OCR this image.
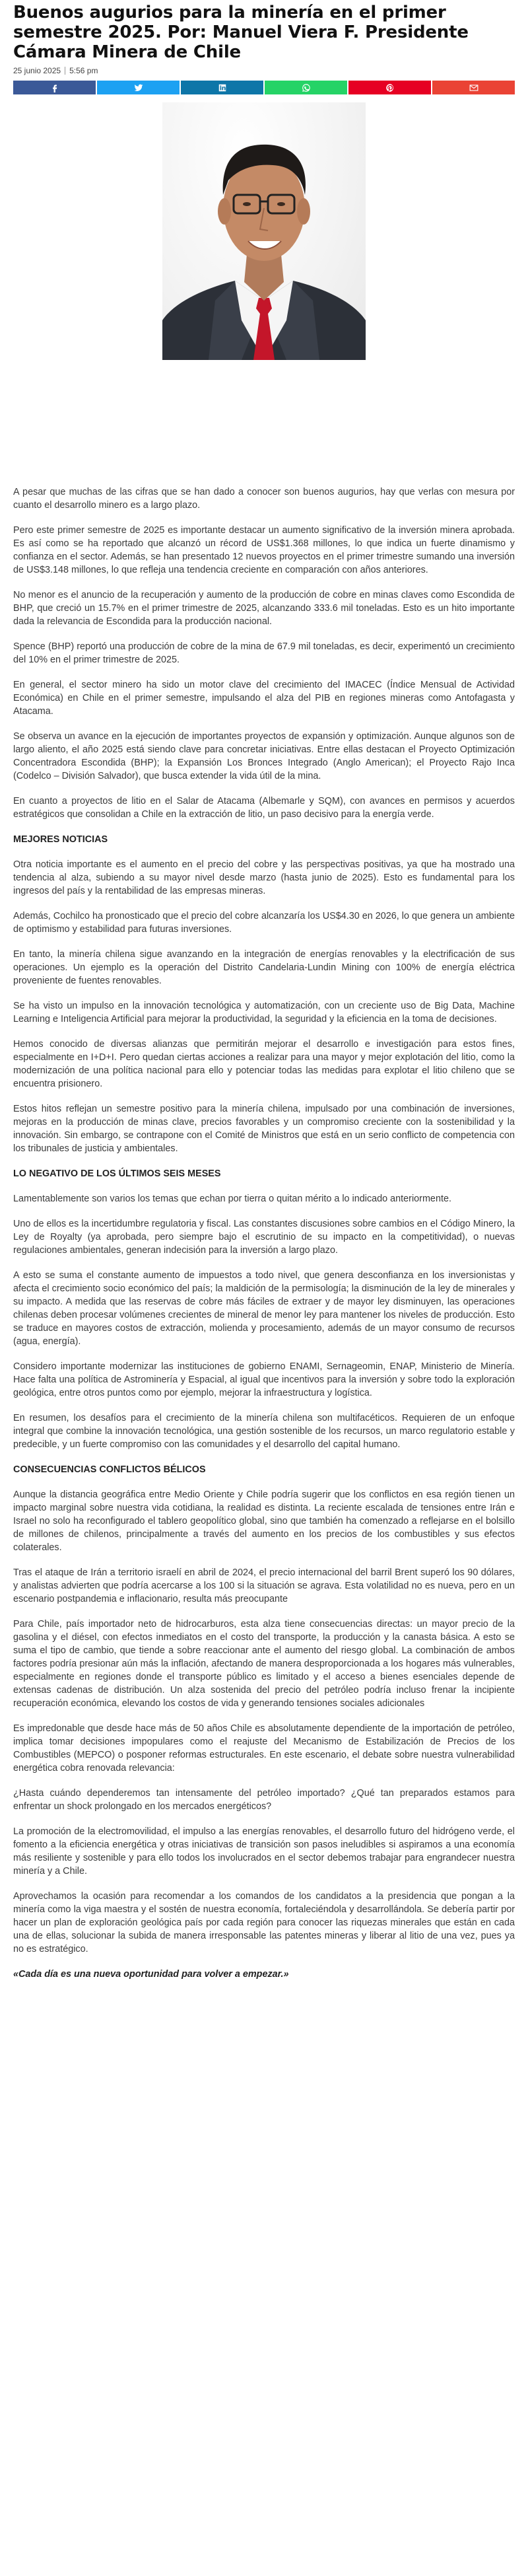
Buenos augurios para la minería en el primer semestre 2025. Por: Manuel Viera F. Presidente Cámara Minera de Chile
25 junio 2025 5:56 pm

A pesar que muchas de las cifras que se han dado a conocer son buenos augurios, hay que verlas con mesura por cuanto el desarrollo minero es a largo plazo.

Pero este primer semestre de 2025 es importante destacar un aumento significativo de la inversión minera aprobada. Es así como se ha reportado que alcanzó un récord de US$1.368 millones, lo que indica un fuerte dinamismo y confianza en el sector. Además, se han presentado 12 nuevos proyectos en el primer trimestre sumando una inversión de US$3.148 millones, lo que refleja una tendencia creciente en comparación con años anteriores.

No menor es el anuncio de la recuperación y aumento de la producción de cobre en minas claves como Escondida de BHP, que creció un 15.7% en el primer trimestre de 2025, alcanzando 333.6 mil toneladas. Esto es un hito importante dada la relevancia de Escondida para la producción nacional.

Spence (BHP) reportó una producción de cobre de la mina de 67.9 mil toneladas, es decir, experimentó un crecimiento del 10% en el primer trimestre de 2025.

En general, el sector minero ha sido un motor clave del crecimiento del IMACEC (Índice Mensual de Actividad Económica) en Chile en el primer semestre, impulsando el alza del PIB en regiones mineras como Antofagasta y Atacama.

Se observa un avance en la ejecución de importantes proyectos de expansión y optimización. Aunque algunos son de largo aliento, el año 2025 está siendo clave para concretar iniciativas. Entre ellas destacan el Proyecto Optimización Concentradora Escondida (BHP); la Expansión Los Bronces Integrado (Anglo American); el Proyecto Rajo Inca (Codelco – División Salvador), que busca extender la vida útil de la mina.

En cuanto a proyectos de litio en el Salar de Atacama (Albemarle y SQM), con avances en permisos y acuerdos estratégicos que consolidan a Chile en la extracción de litio, un paso decisivo para la energía verde.

MEJORES NOTICIAS

Otra noticia importante es el aumento en el precio del cobre y las perspectivas positivas, ya que ha mostrado una tendencia al alza, subiendo a su mayor nivel desde marzo (hasta junio de 2025). Esto es fundamental para los ingresos del país y la rentabilidad de las empresas mineras.

Además, Cochilco ha pronosticado que el precio del cobre alcanzaría los US$4.30 en 2026, lo que genera un ambiente de optimismo y estabilidad para futuras inversiones.

En tanto, la minería chilena sigue avanzando en la integración de energías renovables y la electrificación de sus operaciones. Un ejemplo es la operación del Distrito Candelaria-Lundin Mining con 100% de energía eléctrica proveniente de fuentes renovables.

Se ha visto un impulso en la innovación tecnológica y automatización, con un creciente uso de Big Data, Machine Learning e Inteligencia Artificial para mejorar la productividad, la seguridad y la eficiencia en la toma de decisiones.

Hemos conocido de diversas alianzas que permitirán mejorar el desarrollo e investigación para estos fines, especialmente en I+D+I. Pero quedan ciertas acciones a realizar para una mayor y mejor explotación del litio, como la modernización de una política nacional para ello y potenciar todas las medidas para explotar el litio chileno que se encuentra prisionero.

Estos hitos reflejan un semestre positivo para la minería chilena, impulsado por una combinación de inversiones, mejoras en la producción de minas clave, precios favorables y un compromiso creciente con la sostenibilidad y la innovación. Sin embargo, se contrapone con el Comité de Ministros que está en un serio conflicto de competencia con los tribunales de justicia y ambientales.

LO NEGATIVO DE LOS ÚLTIMOS SEIS MESES

Lamentablemente son varios los temas que echan por tierra o quitan mérito a lo indicado anteriormente.

Uno de ellos es la incertidumbre regulatoria y fiscal. Las constantes discusiones sobre cambios en el Código Minero, la Ley de Royalty (ya aprobada, pero siempre bajo el escrutinio de su impacto en la competitividad), o nuevas regulaciones ambientales, generan indecisión para la inversión a largo plazo.

A esto se suma el constante aumento de impuestos a todo nivel, que genera desconfianza en los inversionistas y afecta el crecimiento socio económico del país; la maldición de la permisología; la disminución de la ley de minerales y su impacto. A medida que las reservas de cobre más fáciles de extraer y de mayor ley disminuyen, las operaciones chilenas deben procesar volúmenes crecientes de mineral de menor ley para mantener los niveles de producción. Esto se traduce en mayores costos de extracción, molienda y procesamiento, además de un mayor consumo de recursos (agua, energía).

Considero importante modernizar las instituciones de gobierno ENAMI, Sernageomin, ENAP, Ministerio de Minería. Hace falta una política de Astrominería y Espacial, al igual que incentivos para la inversión y sobre todo la exploración geológica, entre otros puntos como por ejemplo, mejorar la infraestructura y logística.

En resumen, los desafíos para el crecimiento de la minería chilena son multifacéticos. Requieren de un enfoque integral que combine la innovación tecnológica, una gestión sostenible de los recursos, un marco regulatorio estable y predecible, y un fuerte compromiso con las comunidades y el desarrollo del capital humano.

CONSECUENCIAS CONFLICTOS BÉLICOS

Aunque la distancia geográfica entre Medio Oriente y Chile podría sugerir que los conflictos en esa región tienen un impacto marginal sobre nuestra vida cotidiana, la realidad es distinta. La reciente escalada de tensiones entre Irán e Israel no solo ha reconfigurado el tablero geopolítico global, sino que también ha comenzado a reflejarse en el bolsillo de millones de chilenos, principalmente a través del aumento en los precios de los combustibles y sus efectos colaterales.

Tras el ataque de Irán a territorio israelí en abril de 2024, el precio internacional del barril Brent superó los 90 dólares, y analistas advierten que podría acercarse a los 100 si la situación se agrava. Esta volatilidad no es nueva, pero en un escenario postpandemia e inflacionario, resulta más preocupante

Para Chile, país importador neto de hidrocarburos, esta alza tiene consecuencias directas: un mayor precio de la gasolina y el diésel, con efectos inmediatos en el costo del transporte, la producción y la canasta básica. A esto se suma el tipo de cambio, que tiende a sobre reaccionar ante el aumento del riesgo global. La combinación de ambos factores podría presionar aún más la inflación, afectando de manera desproporcionada a los hogares más vulnerables, especialmente en regiones donde el transporte público es limitado y el acceso a bienes esenciales depende de extensas cadenas de distribución. Un alza sostenida del precio del petróleo podría incluso frenar la incipiente recuperación económica, elevando los costos de vida y generando tensiones sociales adicionales

Es impredonable que desde hace más de 50 años Chile es absolutamente dependiente de la importación de petróleo, implica tomar decisiones impopulares como el reajuste del Mecanismo de Estabilización de Precios de los Combustibles (MEPCO) o posponer reformas estructurales. En este escenario, el debate sobre nuestra vulnerabilidad energética cobra renovada relevancia:

¿Hasta cuándo dependeremos tan intensamente del petróleo importado? ¿Qué tan preparados estamos para enfrentar un shock prolongado en los mercados energéticos?

La promoción de la electromovilidad, el impulso a las energías renovables, el desarrollo futuro del hidrógeno verde, el fomento a la eficiencia energética y otras iniciativas de transición son pasos ineludibles si aspiramos a una economía más resiliente y sostenible y para ello todos los involucrados en el sector debemos trabajar para engrandecer nuestra minería y a Chile.

Aprovechamos la ocasión para recomendar a los comandos de los candidatos a la presidencia que pongan a la minería como la viga maestra y el sostén de nuestra economía, fortaleciéndola y desarrollándola. Se debería partir por hacer un plan de exploración geológica país por cada región para conocer las riquezas minerales que están en cada una de ellas, solucionar la subida de manera irresponsable las patentes mineras y liberar al litio de una vez, pues ya no es estratégico.

«Cada día es una nueva oportunidad para volver a empezar.»
